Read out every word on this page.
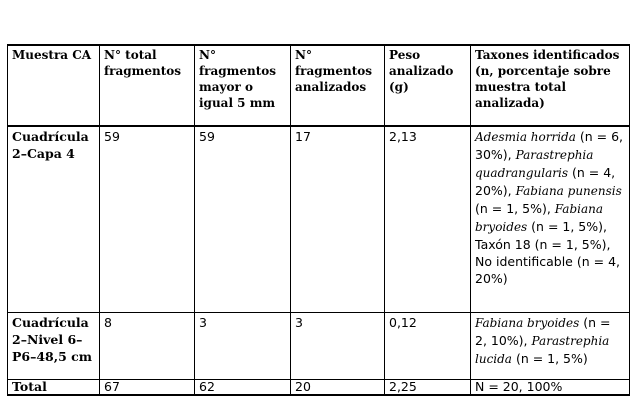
Muestra CA	N° total fragmentos	N° fragmentos mayor o igual 5 mm	N° fragmentos analizados	Peso analizado (g)	Taxones identificados (n, porcentaje sobre muestra total analizada)
Cuadrícula 2–Capa 4	59	59	17	2,13	Adesmia horrida (n = 6, 30%), Parastrephia quadrangularis (n = 4, 20%), Fabiana punensis (n = 1, 5%), Fabiana bryoides (n = 1, 5%), Taxón 18 (n = 1, 5%), No identificable (n = 4, 20%)
Cuadrícula 2–Nivel 6–P6–48,5 cm	8	3	3	0,12	Fabiana bryoides (n = 2, 10%), Parastrephia lucida (n = 1, 5%)
Total	67	62	20	2,25	N = 20, 100%
